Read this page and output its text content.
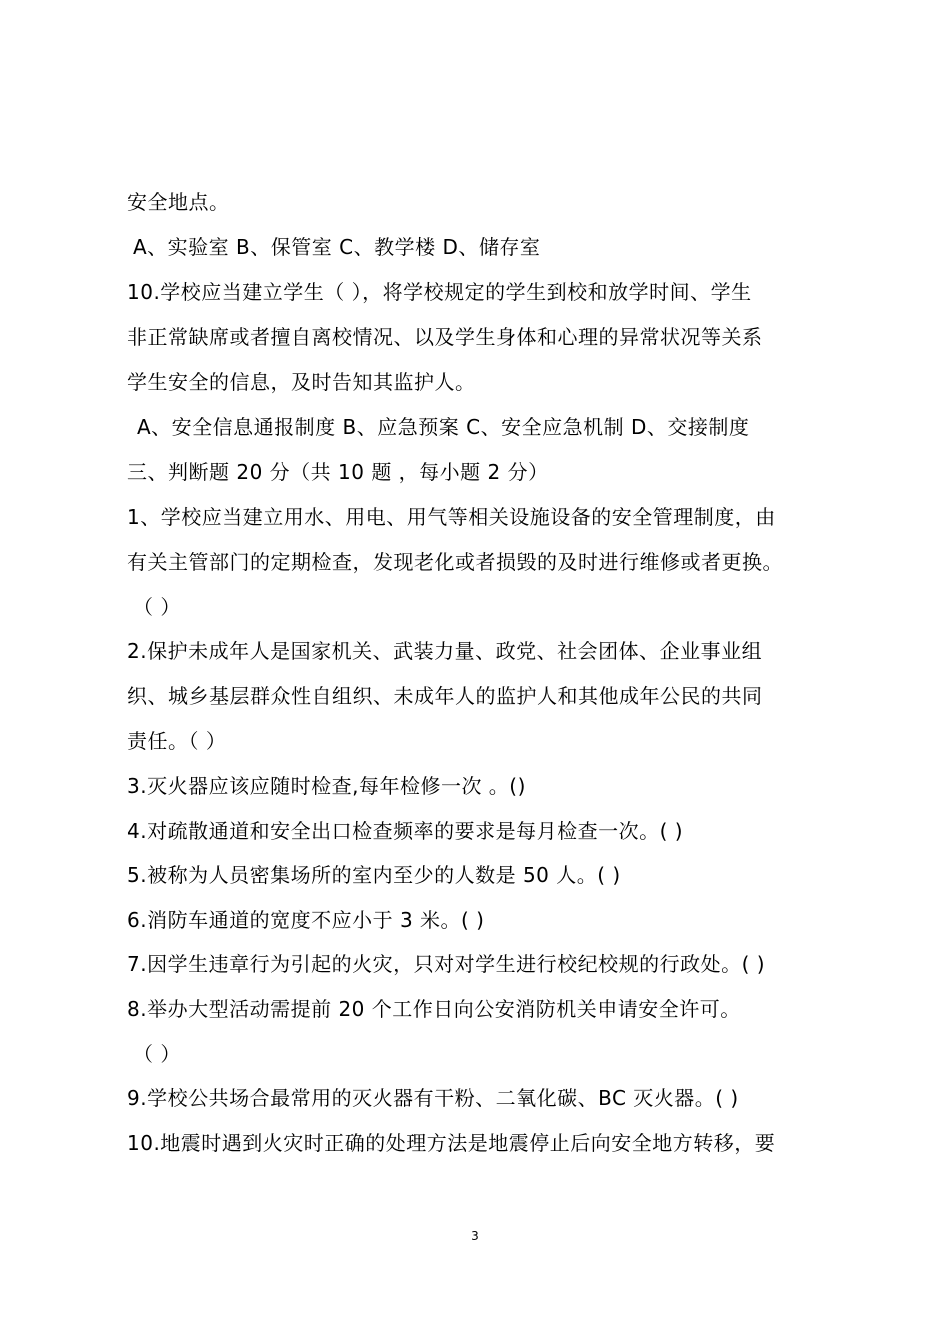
安全地点。
A、实验室 B、保管室 C、教学楼 D、储存室
10.学校应当建立学生（ ），将学校规定的学生到校和放学时间、学生
非正常缺席或者擅自离校情况、以及学生身体和心理的异常状况等关系
学生安全的信息，及时告知其监护人。
A、安全信息通报制度 B、应急预案 C、安全应急机制 D、交接制度
三、判断题 20 分（共 10 题 ，每小题 2 分）
1、学校应当建立用水、用电、用气等相关设施设备的安全管理制度，由
有关主管部门的定期检查，发现老化或者损毁的及时进行维修或者更换。
（ ）
2.保护未成年人是国家机关、武装力量、政党、社会团体、企业事业组
织、城乡基层群众性自组织、未成年人的监护人和其他成年公民的共同
责任。（ ）
3.灭火器应该应随时检查,每年检修一次 。()
4.对疏散通道和安全出口检查频率的要求是每月检查一次。( )
5.被称为人员密集场所的室内至少的人数是 50 人。( )
6.消防车通道的宽度不应小于 3 米。( )
7.因学生违章行为引起的火灾，只对对学生进行校纪校规的行政处。( )
8.举办大型活动需提前 20 个工作日向公安消防机关申请安全许可。
（ ）
9.学校公共场合最常用的灭火器有干粉、二氧化碳、BC 灭火器。( )
10.地震时遇到火灾时正确的处理方法是地震停止后向安全地方转移，要
3
